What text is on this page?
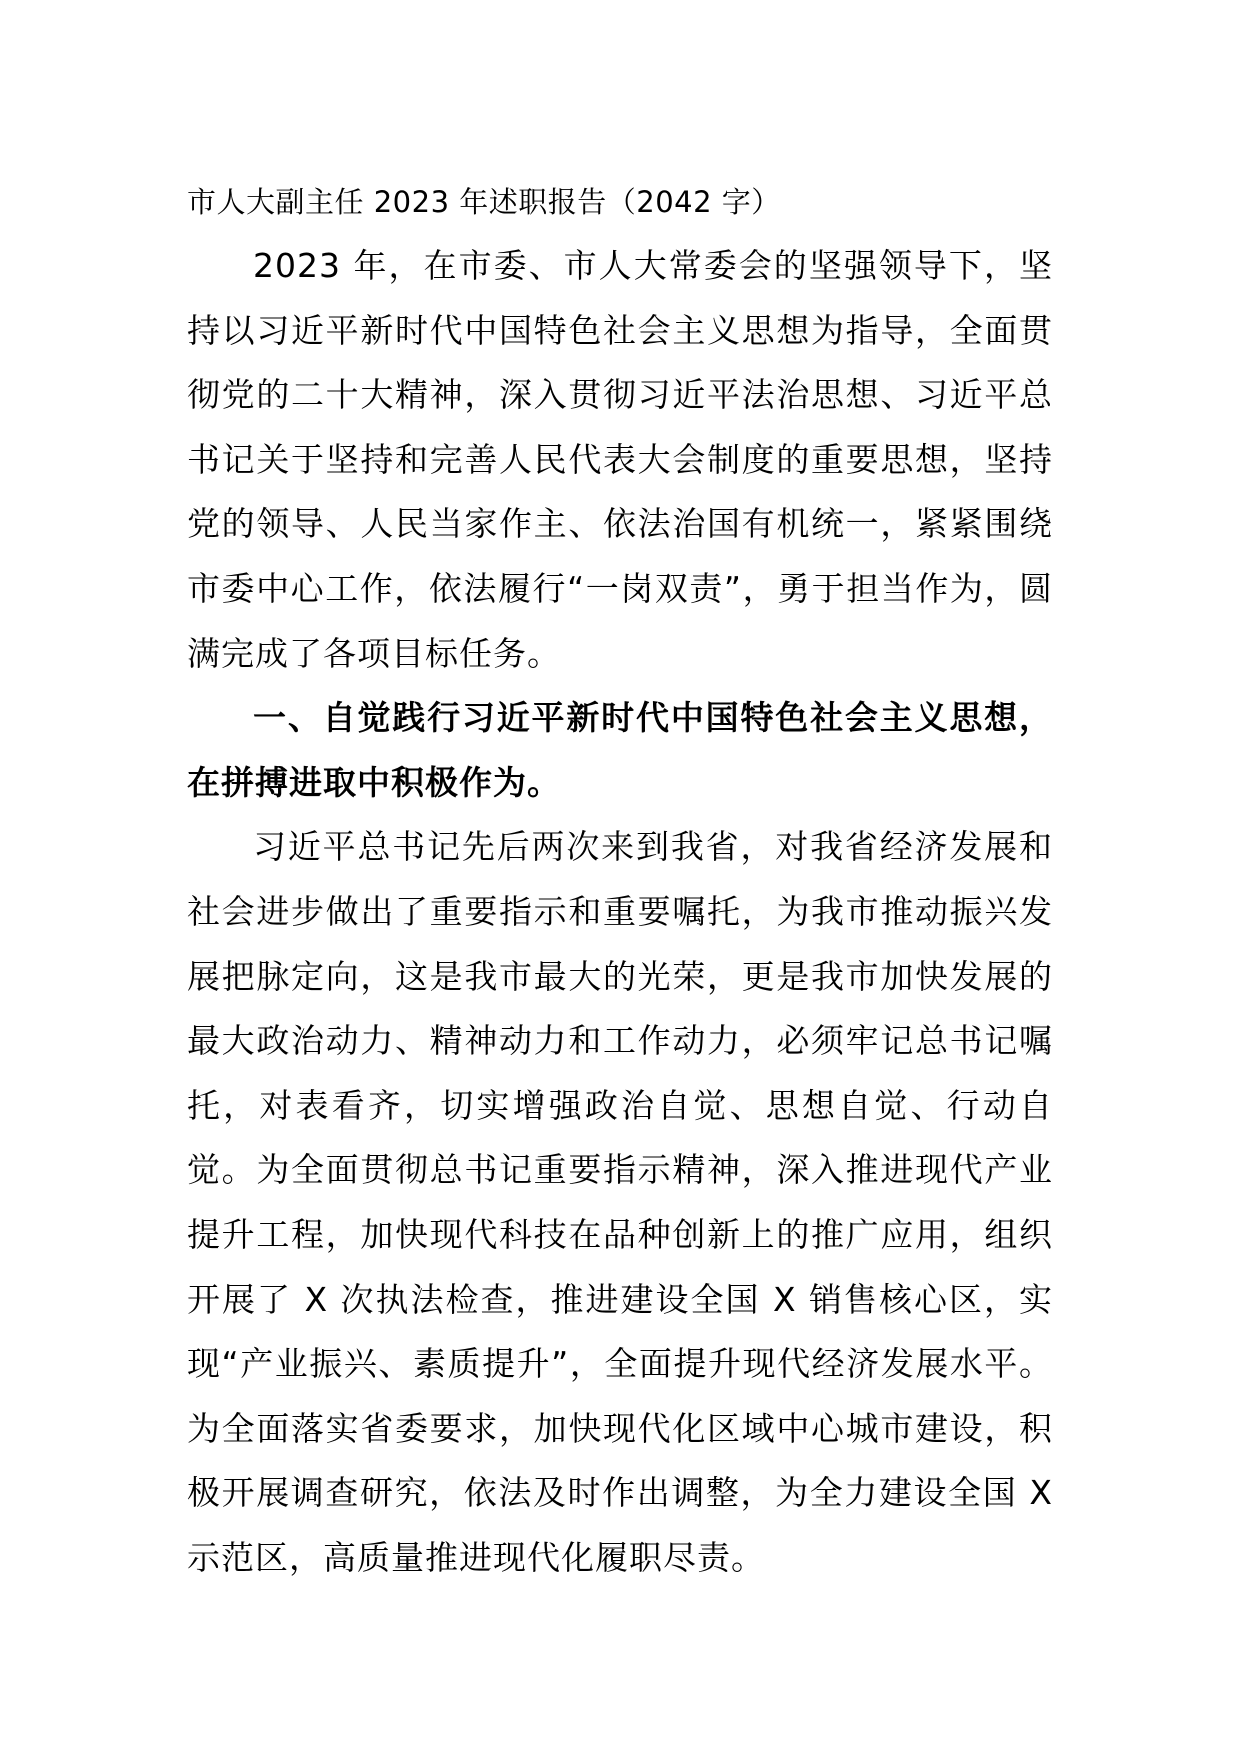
市人大副主任 2023 年述职报告（2042 字）

2023 年，在市委、市人大常委会的坚强领导下，坚持以习近平新时代中国特色社会主义思想为指导，全面贯彻党的二十大精神，深入贯彻习近平法治思想、习近平总书记关于坚持和完善人民代表大会制度的重要思想，坚持党的领导、人民当家作主、依法治国有机统一，紧紧围绕市委中心工作，依法履行“一岗双责”，勇于担当作为，圆满完成了各项目标任务。

一、自觉践行习近平新时代中国特色社会主义思想，在拼搏进取中积极作为。

习近平总书记先后两次来到我省，对我省经济发展和社会进步做出了重要指示和重要嘱托，为我市推动振兴发展把脉定向，这是我市最大的光荣，更是我市加快发展的最大政治动力、精神动力和工作动力，必须牢记总书记嘱托，对表看齐，切实增强政治自觉、思想自觉、行动自觉。为全面贯彻总书记重要指示精神，深入推进现代产业提升工程，加快现代科技在品种创新上的推广应用，组织开展了 X 次执法检查，推进建设全国 X 销售核心区，实现“产业振兴、素质提升”，全面提升现代经济发展水平。为全面落实省委要求，加快现代化区域中心城市建设，积极开展调查研究，依法及时作出调整，为全力建设全国 X 示范区，高质量推进现代化履职尽责。
